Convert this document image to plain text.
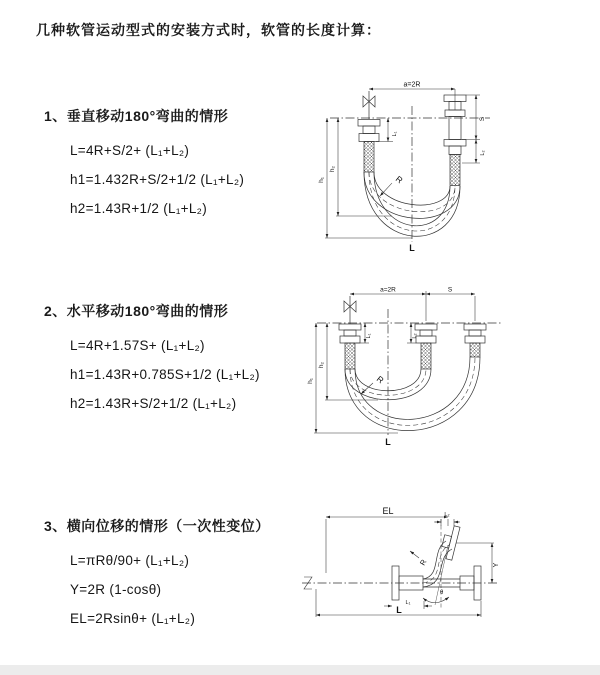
几种软管运动型式的安装方式时，软管的长度计算：
1、垂直移动180°弯曲的情形
L=4R+S/2+ (L₁+L₂)
h1=1.432R+S/2+1/2 (L₁+L₂)
h2=1.43R+1/2 (L₁+L₂)
2、水平移动180°弯曲的情形
L=4R+1.57S+ (L₁+L₂)
h1=1.43R+0.785S+1/2 (L₁+L₂)
h2=1.43R+S/2+1/2 (L₁+L₂)
3、横向位移的情形（一次性变位）
L=πRθ/90+ (L₁+L₂)
Y=2R (1-cosθ)
EL=2Rsinθ+ (L₁+L₂)
a=2R
L₁
S
L₂
h₁
h₂
R
L
a=2R	S
L₁	L₂
h₁
h₂
R
L
EL	L₂
Y
R
θ
L₁
L
